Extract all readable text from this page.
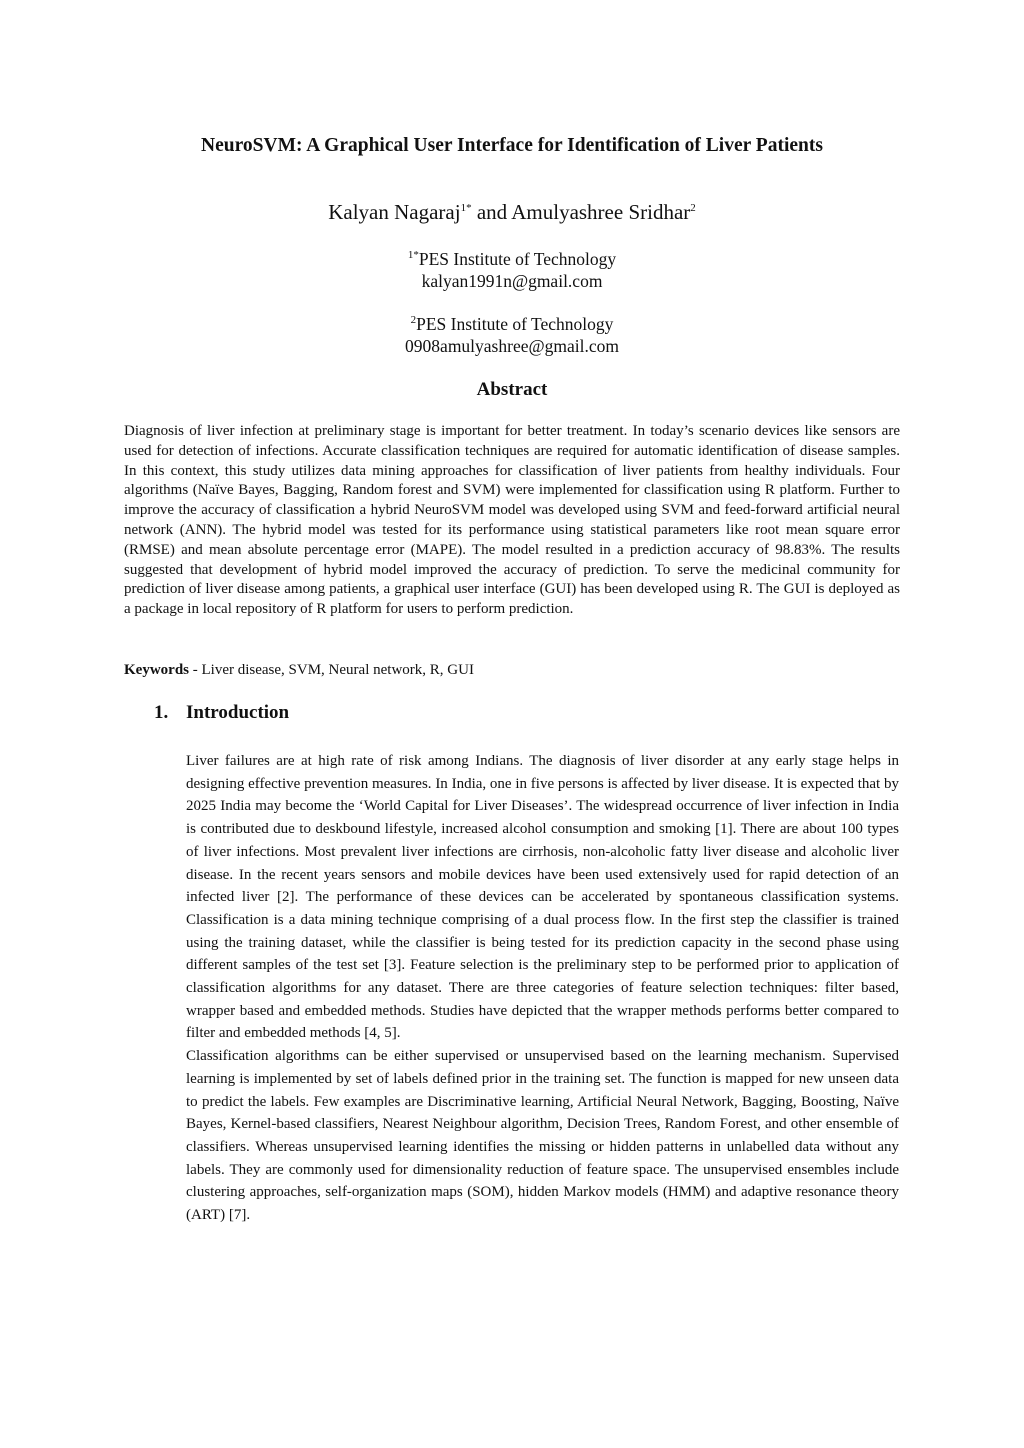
NeuroSVM: A Graphical User Interface for Identification of Liver Patients
Kalyan Nagaraj$^{1*}$ and Amulyashree Sridhar$^2$
$^{1*}$PES Institute of Technology
kalyan1991n@gmail.com
$^2$PES Institute of Technology
0908amulyashree@gmail.com
Abstract

Diagnosis of liver infection at preliminary stage is important for better treatment. In today’s scenario devices like sensors are used for detection of infections. Accurate classification techniques are required for automatic identification of disease samples. In this context, this study utilizes data mining approaches for classification of liver patients from healthy individuals. Four algorithms (Naïve Bayes, Bagging, Random forest and SVM) were implemented for classification using R platform. Further to improve the accuracy of classification a hybrid NeuroSVM model was developed using SVM and feed-forward artificial neural network (ANN). The hybrid model was tested for its performance using statistical parameters like root mean square error (RMSE) and mean absolute percentage error (MAPE). The model resulted in a prediction accuracy of 98.83%. The results suggested that development of hybrid model improved the accuracy of prediction. To serve the medicinal community for prediction of liver disease among patients, a graphical user interface (GUI) has been developed using R. The GUI is deployed as a package in local repository of R platform for users to perform prediction.

Keywords - Liver disease, SVM, Neural network, R, GUI

1. Introduction

Liver failures are at high rate of risk among Indians. The diagnosis of liver disorder at any early stage helps in designing effective prevention measures. In India, one in five persons is affected by liver disease. It is expected that by 2025 India may become the ‘World Capital for Liver Diseases’. The widespread occurrence of liver infection in India is contributed due to deskbound lifestyle, increased alcohol consumption and smoking [1]. There are about 100 types of liver infections. Most prevalent liver infections are cirrhosis, non-alcoholic fatty liver disease and alcoholic liver disease. In the recent years sensors and mobile devices have been used extensively used for rapid detection of an infected liver [2]. The performance of these devices can be accelerated by spontaneous classification systems. Classification is a data mining technique comprising of a dual process flow. In the first step the classifier is trained using the training dataset, while the classifier is being tested for its prediction capacity in the second phase using different samples of the test set [3]. Feature selection is the preliminary step to be performed prior to application of classification algorithms for any dataset. There are three categories of feature selection techniques: filter based, wrapper based and embedded methods. Studies have depicted that the wrapper methods performs better compared to filter and embedded methods [4, 5].

Classification algorithms can be either supervised or unsupervised based on the learning mechanism. Supervised learning is implemented by set of labels defined prior in the training set. The function is mapped for new unseen data to predict the labels. Few examples are Discriminative learning, Artificial Neural Network, Bagging, Boosting, Naïve Bayes, Kernel-based classifiers, Nearest Neighbour algorithm, Decision Trees, Random Forest, and other ensemble of classifiers. Whereas unsupervised learning identifies the missing or hidden patterns in unlabelled data without any labels. They are commonly used for dimensionality reduction of feature space. The unsupervised ensembles include clustering approaches, self-organization maps (SOM), hidden Markov models (HMM) and adaptive resonance theory (ART) [7].
